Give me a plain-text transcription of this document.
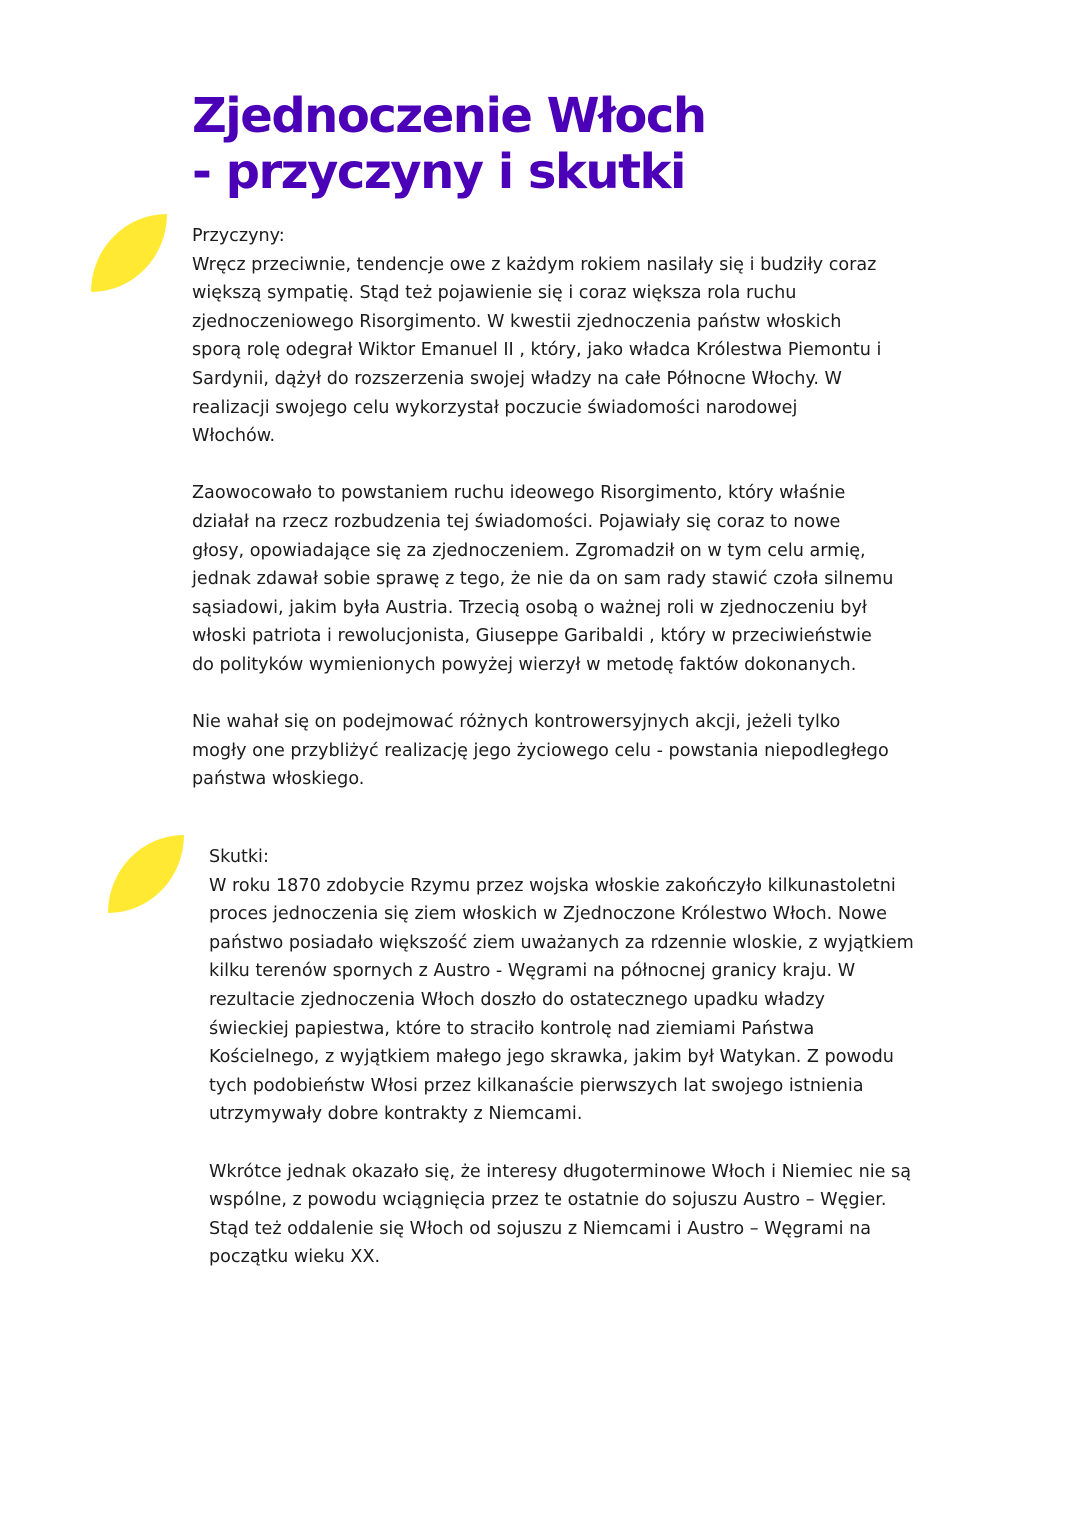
Zjednoczenie Włoch
- przyczyny i skutki

Przyczyny:

Wręcz przeciwnie, tendencje owe z każdym rokiem nasilały się i budziły coraz
większą sympatię. Stąd też pojawienie się i coraz większa rola ruchu
zjednoczeniowego Risorgimento. W kwestii zjednoczenia państw włoskich
sporą rolę odegrał Wiktor Emanuel II , który, jako władca Królestwa Piemontu i
Sardynii, dążył do rozszerzenia swojej władzy na całe Północne Włochy. W
realizacji swojego celu wykorzystał poczucie świadomości narodowej
Włochów.

Zaowocowało to powstaniem ruchu ideowego Risorgimento, który właśnie
działał na rzecz rozbudzenia tej świadomości. Pojawiały się coraz to nowe
głosy, opowiadające się za zjednoczeniem. Zgromadził on w tym celu armię,
jednak zdawał sobie sprawę z tego, że nie da on sam rady stawić czoła silnemu
sąsiadowi, jakim była Austria. Trzecią osobą o ważnej roli w zjednoczeniu był
włoski patriota i rewolucjonista, Giuseppe Garibaldi , który w przeciwieństwie
do polityków wymienionych powyżej wierzył w metodę faktów dokonanych.

Nie wahał się on podejmować różnych kontrowersyjnych akcji, jeżeli tylko
mogły one przybliżyć realizację jego życiowego celu - powstania niepodległego
państwa włoskiego.

Skutki:

W roku 1870 zdobycie Rzymu przez wojska włoskie zakończyło kilkunastoletni
proces jednoczenia się ziem włoskich w Zjednoczone Królestwo Włoch. Nowe
państwo posiadało większość ziem uważanych za rdzennie wloskie, z wyjątkiem
kilku terenów spornych z Austro - Węgrami na północnej granicy kraju. W
rezultacie zjednoczenia Włoch doszło do ostatecznego upadku władzy
świeckiej papiestwa, które to straciło kontrolę nad ziemiami Państwa
Kościelnego, z wyjątkiem małego jego skrawka, jakim był Watykan. Z powodu
tych podobieństw Włosi przez kilkanaście pierwszych lat swojego istnienia
utrzymywały dobre kontrakty z Niemcami.

Wkrótce jednak okazało się, że interesy długoterminowe Włoch i Niemiec nie są
wspólne, z powodu wciągnięcia przez te ostatnie do sojuszu Austro – Węgier.
Stąd też oddalenie się Włoch od sojuszu z Niemcami i Austro – Węgrami na
początku wieku XX.
